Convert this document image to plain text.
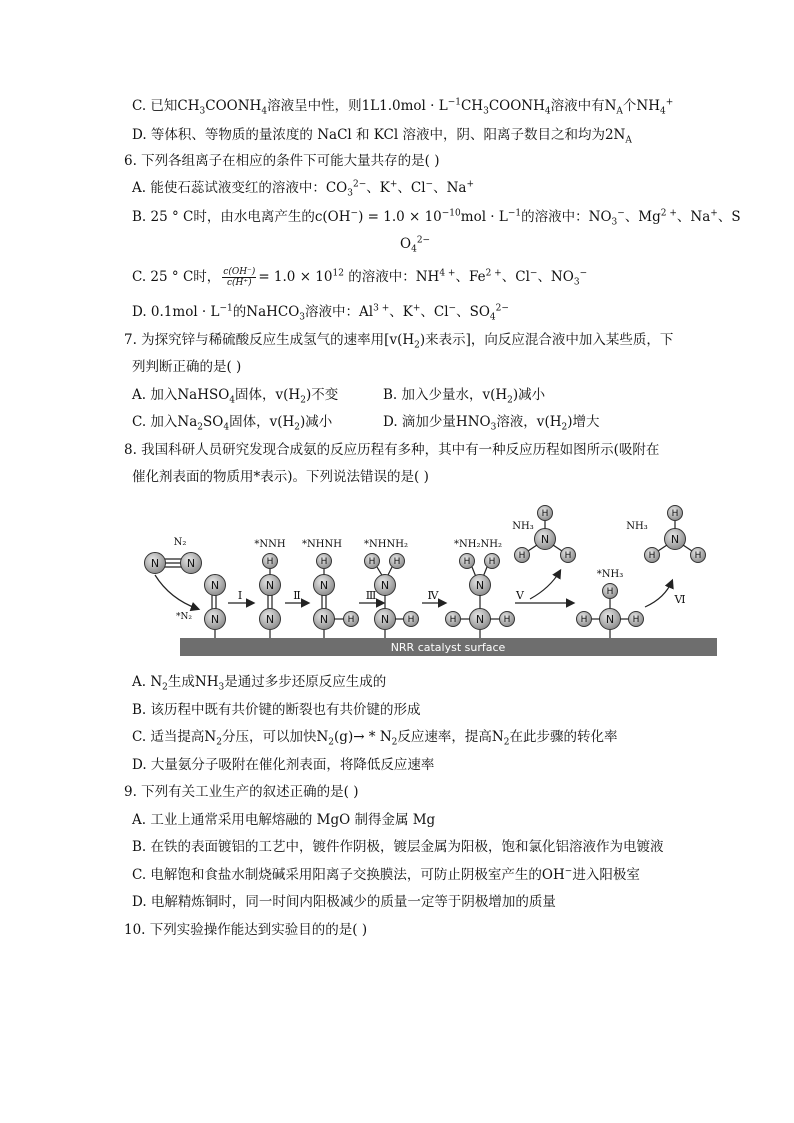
C. 已知$CH_3COONH_4$溶液呈中性，则$1L1.0mol \cdot L^{-1}CH_3COONH_4$溶液中有$N_A$个$NH_4^+$
D. 等体积、等物质的量浓度的 NaCl 和 KCl 溶液中，阴、阳离子数目之和均为$2N_A$
6. 下列各组离子在相应的条件下可能大量共存的是( )
A. 能使石蕊试液变红的溶液中：$CO_3^{2-}$、K+、Cl−、Na+
B. 25 ° C时，由水电离产生的$c(OH^-) = 1.0 \times 10^{-10}mol \cdot L^{-1}$的溶液中：$NO_3^-$、$Mg^{2 +}$、Na+、S
$O_4^{2-}$
C. 25 ° C时， $\frac{c(OH^-)}{c(H^+)} = 1.0 \times 10^{12}$ 的溶液中：$NH^{4 +}$、$Fe^{2 +}$、Cl−、$NO_3^-$
D. $0.1mol \cdot L^{-1}$的NaHCO$_3$溶液中：$Al^{3 +}$、K+、Cl−、$SO_4^{2-}$
7. 为探究锌与稀硫酸反应生成氢气的速率用[$v(H_2)$来表示]，向反应混合液中加入某些质，下
列判断正确的是( )
A. 加入NaHSO$_4$固体，$v(H_2)$不变	B. 加入少量水，$v(H_2)$减小
C. 加入$Na_2SO_4$固体，$v(H_2)$减小	D. 滴加少量$HNO_3$溶液，$v(H_2)$增大
8. 我国科研人员研究发现合成氨的反应历程有多种，其中有一种反应历程如图所示(吸附在
催化剂表面的物质用*表示)。下列说法错误的是( )
NRR catalyst surface
N₂
N	N
*N₂
N
N
Ⅰ
*NNH
H
N
N
Ⅱ
*NHNH
H
N
N H
Ⅲ
*NHNH₂
H H
N
N H
Ⅳ
*NH₂NH₂
H H
N
N
H	H
Ⅴ
NH₃
H
N
H	H
*NH₃
H
N
H	H
Ⅵ
NH₃
H
N
H	H
A. $N_2$生成$NH_3$是通过多步还原反应生成的
B. 该历程中既有共价键的断裂也有共价键的形成
C. 适当提高$N_2$分压，可以加快$N_2(g)\to * N_2$反应速率，提高$N_2$在此步骤的转化率
D. 大量氨分子吸附在催化剂表面，将降低反应速率
9. 下列有关工业生产的叙述正确的是( )
A. 工业上通常采用电解熔融的 MgO 制得金属 Mg
B. 在铁的表面镀铝的工艺中，镀件作阴极，镀层金属为阳极，饱和氯化铝溶液作为电镀液
C. 电解饱和食盐水制烧碱采用阳离子交换膜法，可防止阴极室产生的OH−进入阳极室
D. 电解精炼铜时，同一时间内阳极减少的质量一定等于阴极增加的质量
10. 下列实验操作能达到实验目的的是( )
